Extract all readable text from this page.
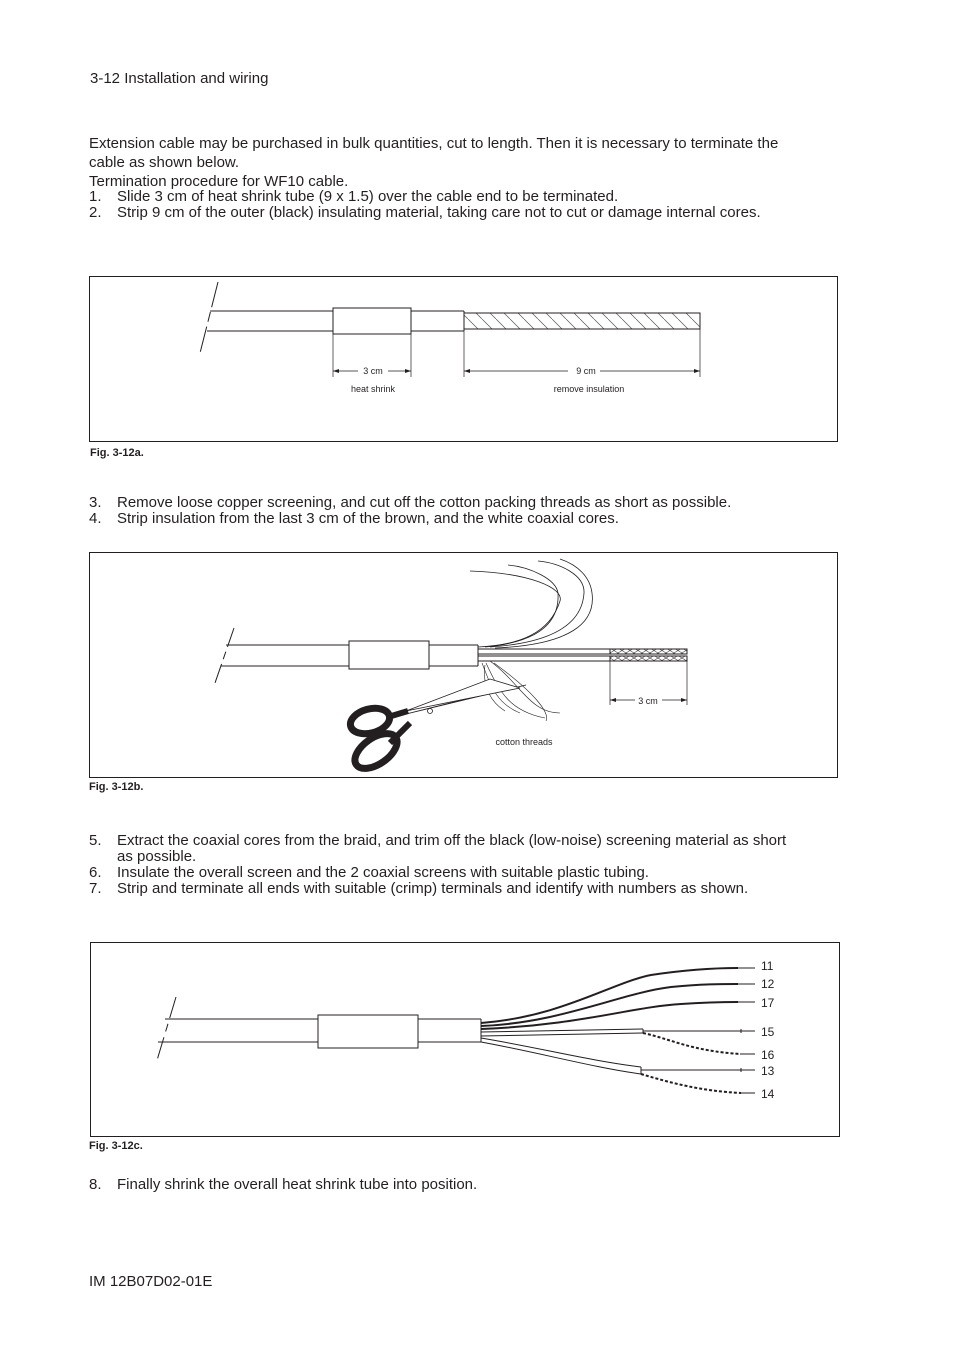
3-12 Installation and wiring
Extension cable may be purchased in bulk quantities, cut to length. Then it is necessary to terminate the
cable as shown below.
Termination procedure for WF10 cable.
1. Slide 3 cm of heat shrink tube (9 x 1.5) over the cable end to be terminated.
2. Strip 9 cm of the outer (black) insulating material, taking care not to cut or damage internal cores.
3 cm
heat shrink
9 cm
remove insulation
Fig. 3-12a.
3. Remove loose copper screening, and cut off the cotton packing threads as short as possible.
4. Strip insulation from the last 3 cm of the brown, and the white coaxial cores.
3 cm
cotton threads
Fig. 3-12b.
5. Extract the coaxial cores from the braid, and trim off the black (low-noise) screening material as short
as possible.
6. Insulate the overall screen and the 2 coaxial screens with suitable plastic tubing.
7. Strip and terminate all ends with suitable (crimp) terminals and identify with numbers as shown.
11
12
17
15
16
13
14
Fig. 3-12c.
8. Finally shrink the overall heat shrink tube into position.
IM 12B07D02-01E
